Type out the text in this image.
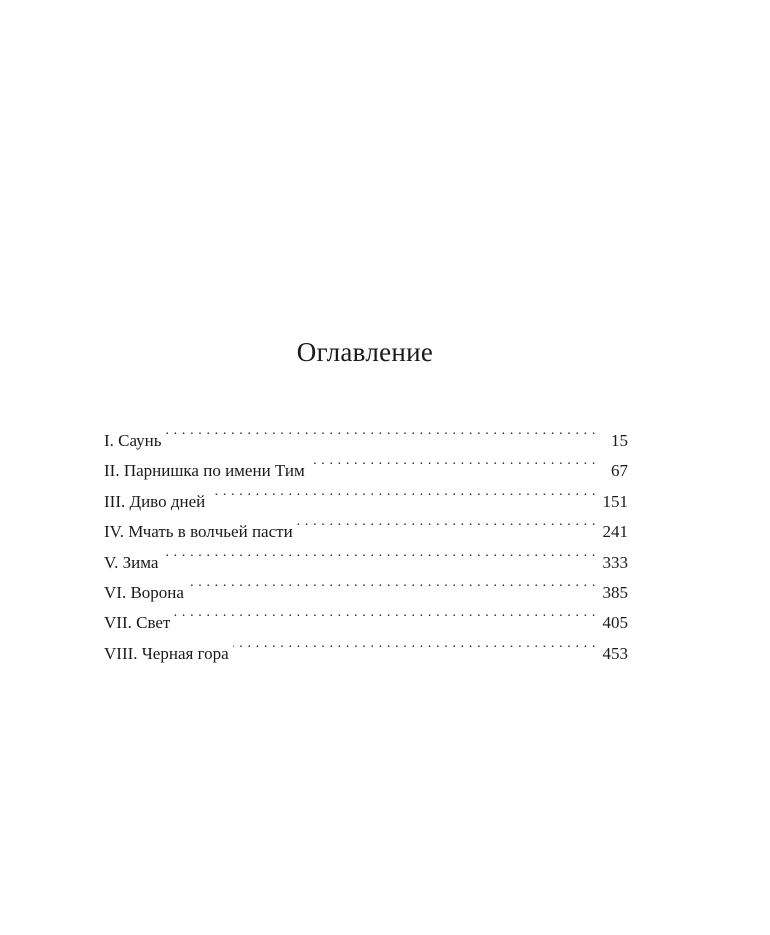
Оглавление
I. Саунь . . .	15
II. Парнишка по имени Тим . . .	67
III. Диво дней . . .	151
IV. Мчать в волчьей пасти . . .	241
V. Зима . . .	333
VI. Ворона . . .	385
VII. Свет . . .	405
VIII. Черная гора . . .	453
